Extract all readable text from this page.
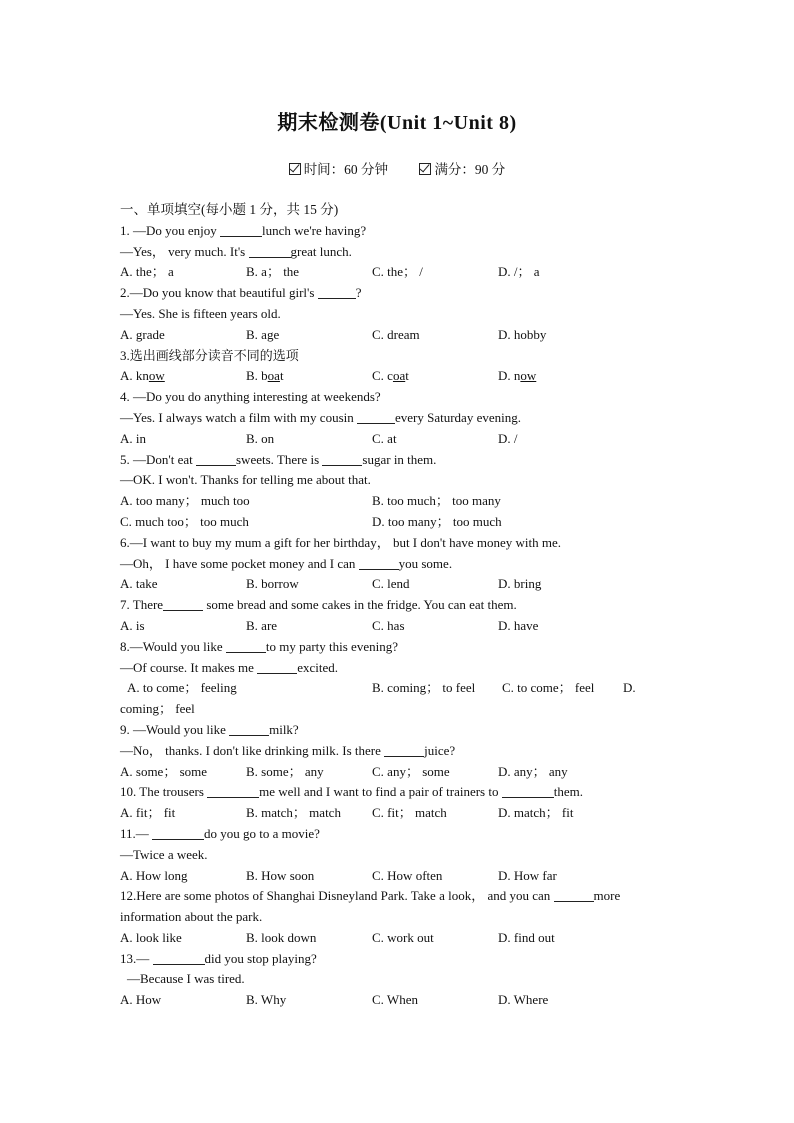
期末检测卷(Unit 1~Unit 8)
时间：60 分钟	满分：90 分
一、单项填空(每小题 1 分，共 15 分)
1. —Do you enjoy	lunch we're having?
—Yes， very much. It's	great lunch.
A. the； a	B. a； the	C. the； /	D. /； a
2.—Do you know that beautiful girl's	?
—Yes. She is fifteen years old.
A. grade	B. age	C. dream	D. hobby
3.选出画线部分读音不同的选项
A. know	B. boat	C. coat	D. now
4. —Do you do anything interesting at weekends?
—Yes. I always watch a film with my cousin	every Saturday evening.
A. in	B. on	C. at	D. /
5. —Don't eat	sweets. There is	sugar in them.
—OK. I won't. Thanks for telling me about that.
A. too many； much too	B. too much； too many
C. much too； too much	D. too many； too much
6.—I want to buy my mum a gift for her birthday， but I don't have money with me.
—Oh， I have some pocket money and I can	you some.
A. take	B. borrow	C. lend	D. bring
7. There	some bread and some cakes in the fridge. You can eat them.
A. is	B. are	C. has	D. have
8.—Would you like	to my party this evening?
—Of course. It makes me	excited.
A. to come； feeling	B. coming； to feel C. to come； feel D.
coming； feel
9. —Would you like	milk?
—No， thanks. I don't like drinking milk. Is there	juice?
A. some； some	B. some； any	C. any； some	D. any； any
10. The trousers	me well and I want to find a pair of trainers to	them.
A. fit； fit	B. match； match C. fit； match	D. match； fit
11.—	do you go to a movie?
—Twice a week.
A. How long	B. How soon	C. How often	D. How far
12.Here are some photos of Shanghai Disneyland Park. Take a look， and you can	more
information about the park.
A. look like	B. look down	C. work out	D. find out
13.—	did you stop playing?
—Because I was tired.
A. How	B. Why	C. When	D. Where
